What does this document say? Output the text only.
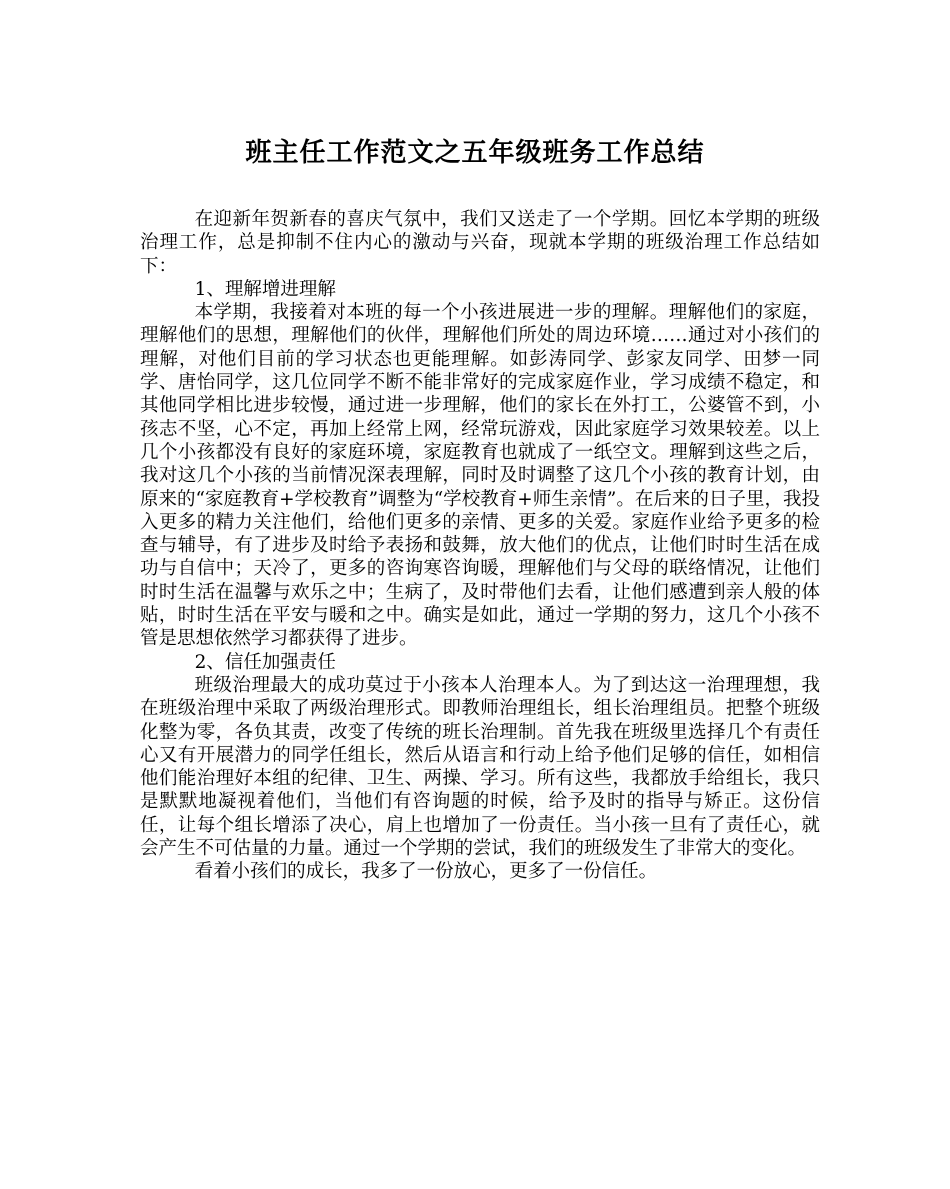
班主任工作范文之五年级班务工作总结

在迎新年贺新春的喜庆气氛中，我们又送走了一个学期。回忆本学期的班级治理工作，总是抑制不住内心的激动与兴奋，现就本学期的班级治理工作总结如下：

1、理解增进理解

本学期，我接着对本班的每一个小孩进展进一步的理解。理解他们的家庭，理解他们的思想，理解他们的伙伴，理解他们所处的周边环境……通过对小孩们的理解，对他们目前的学习状态也更能理解。如彭涛同学、彭家友同学、田梦一同学、唐怡同学，这几位同学不断不能非常好的完成家庭作业，学习成绩不稳定，和其他同学相比进步较慢，通过进一步理解，他们的家长在外打工，公婆管不到，小孩志不坚，心不定，再加上经常上网，经常玩游戏，因此家庭学习效果较差。以上几个小孩都没有良好的家庭环境，家庭教育也就成了一纸空文。理解到这些之后，我对这几个小孩的当前情况深表理解，同时及时调整了这几个小孩的教育计划，由原来的“家庭教育+学校教育”调整为“学校教育+师生亲情”。在后来的日子里，我投入更多的精力关注他们，给他们更多的亲情、更多的关爱。家庭作业给予更多的检查与辅导，有了进步及时给予表扬和鼓舞，放大他们的优点，让他们时时生活在成功与自信中；天冷了，更多的咨询寒咨询暖，理解他们与父母的联络情况，让他们时时生活在温馨与欢乐之中；生病了，及时带他们去看，让他们感遭到亲人般的体贴，时时生活在平安与暖和之中。确实是如此，通过一学期的努力，这几个小孩不管是思想依然学习都获得了进步。

2、信任加强责任

班级治理最大的成功莫过于小孩本人治理本人。为了到达这一治理理想，我在班级治理中采取了两级治理形式。即教师治理组长，组长治理组员。把整个班级化整为零，各负其责，改变了传统的班长治理制。首先我在班级里选择几个有责任心又有开展潜力的同学任组长，然后从语言和行动上给予他们足够的信任，如相信他们能治理好本组的纪律、卫生、两操、学习。所有这些，我都放手给组长，我只是默默地凝视着他们，当他们有咨询题的时候，给予及时的指导与矫正。这份信任，让每个组长增添了决心，肩上也增加了一份责任。当小孩一旦有了责任心，就会产生不可估量的力量。通过一个学期的尝试，我们的班级发生了非常大的变化。

看着小孩们的成长，我多了一份放心，更多了一份信任。
